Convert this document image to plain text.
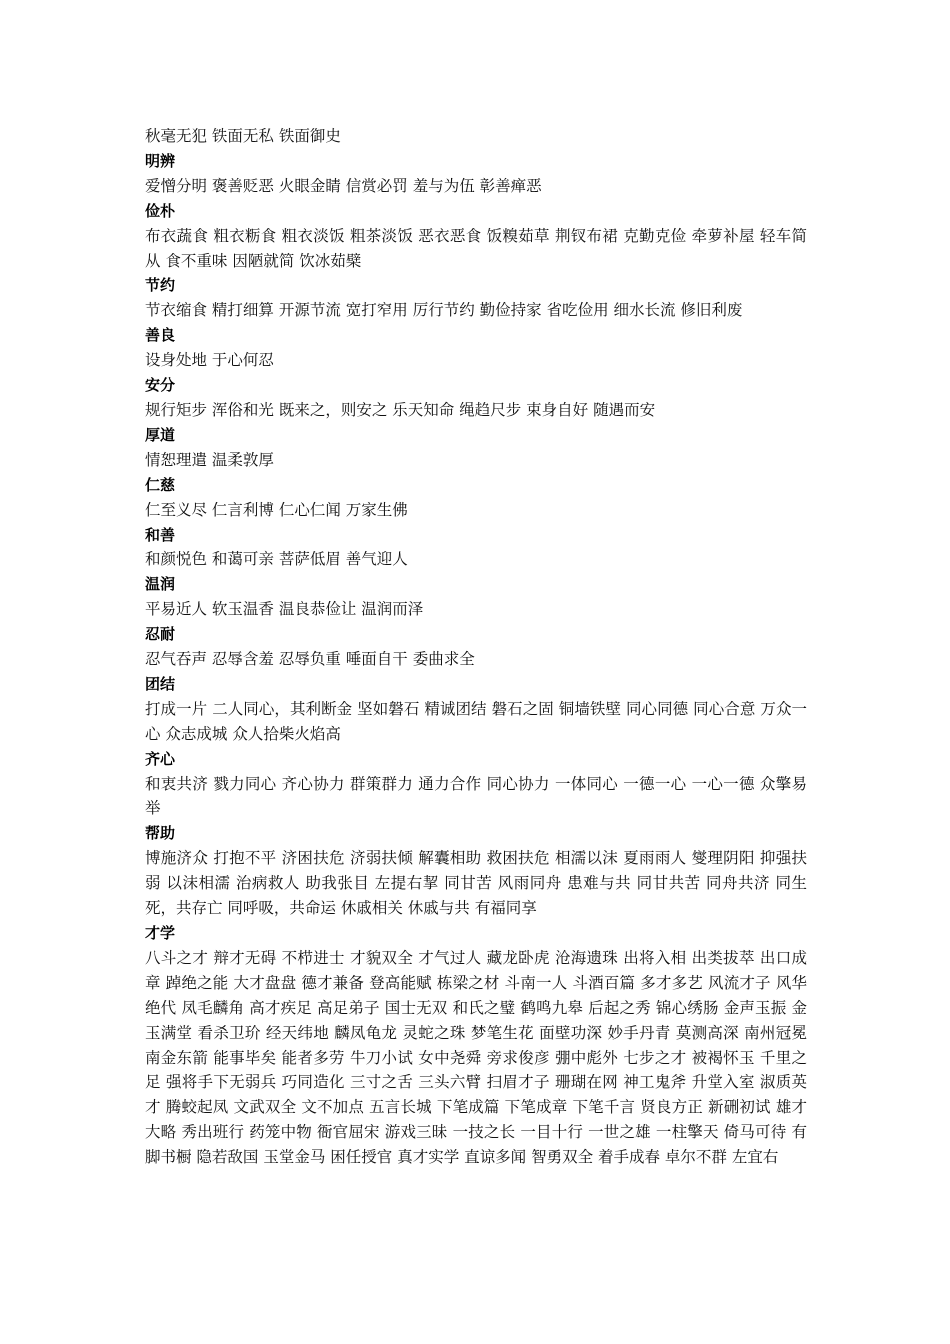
秋毫无犯 铁面无私 铁面御史

明辨

爱憎分明 褒善贬恶 火眼金睛 信赏必罚 羞与为伍 彰善瘅恶

俭朴

布衣蔬食 粗衣粝食 粗衣淡饭 粗茶淡饭 恶衣恶食 饭糗茹草 荆钗布裙 克勤克俭 牵萝补屋 轻车简从 食不重味 因陋就简 饮冰茹檗

节约

节衣缩食 精打细算 开源节流 宽打窄用 厉行节约 勤俭持家 省吃俭用 细水长流 修旧利废

善良

设身处地 于心何忍

安分

规行矩步 浑俗和光 既来之，则安之 乐天知命 绳趋尺步 束身自好 随遇而安

厚道

情恕理遣 温柔敦厚

仁慈

仁至义尽 仁言利博 仁心仁闻 万家生佛

和善

和颜悦色 和蔼可亲 菩萨低眉 善气迎人

温润

平易近人 软玉温香 温良恭俭让 温润而泽

忍耐

忍气吞声 忍辱含羞 忍辱负重 唾面自干 委曲求全

团结

打成一片 二人同心，其利断金 坚如磐石 精诚团结 磐石之固 铜墙铁壁 同心同德 同心合意 万众一心 众志成城 众人拾柴火焰高

齐心

和衷共济 戮力同心 齐心协力 群策群力 通力合作 同心协力 一体同心 一德一心 一心一德 众擎易举

帮助

博施济众 打抱不平 济困扶危 济弱扶倾 解囊相助 救困扶危 相濡以沫 夏雨雨人 燮理阴阳 抑强扶弱 以沫相濡 治病救人 助我张目 左提右挈 同甘苦 风雨同舟 患难与共 同甘共苦 同舟共济 同生死，共存亡 同呼吸，共命运 休戚相关 休戚与共 有福同享

才学

八斗之才 辩才无碍 不栉进士 才貌双全 才气过人 藏龙卧虎 沧海遗珠 出将入相 出类拔萃 出口成章 踔绝之能 大才盘盘 德才兼备 登高能赋 栋梁之材 斗南一人 斗酒百篇 多才多艺 风流才子 风华绝代 凤毛麟角 高才疾足 高足弟子 国士无双 和氏之璧 鹤鸣九皋 后起之秀 锦心绣肠 金声玉振 金玉满堂 看杀卫玠 经天纬地 麟凤龟龙 灵蛇之珠 梦笔生花 面壁功深 妙手丹青 莫测高深 南州冠冕 南金东箭 能事毕矣 能者多劳 牛刀小试 女中尧舜 旁求俊彦 弸中彪外 七步之才 被褐怀玉 千里之足 强将手下无弱兵 巧同造化 三寸之舌 三头六臂 扫眉才子 珊瑚在网 神工鬼斧 升堂入室 淑质英才 腾蛟起凤 文武双全 文不加点 五言长城 下笔成篇 下笔成章 下笔千言 贤良方正 新硎初试 雄才大略 秀出班行 药笼中物 衙官屈宋 游戏三昧 一技之长 一目十行 一世之雄 一柱擎天 倚马可待 有脚书橱 隐若敌国 玉堂金马 困任授官 真才实学 直谅多闻 智勇双全 着手成春 卓尔不群 左宜右
